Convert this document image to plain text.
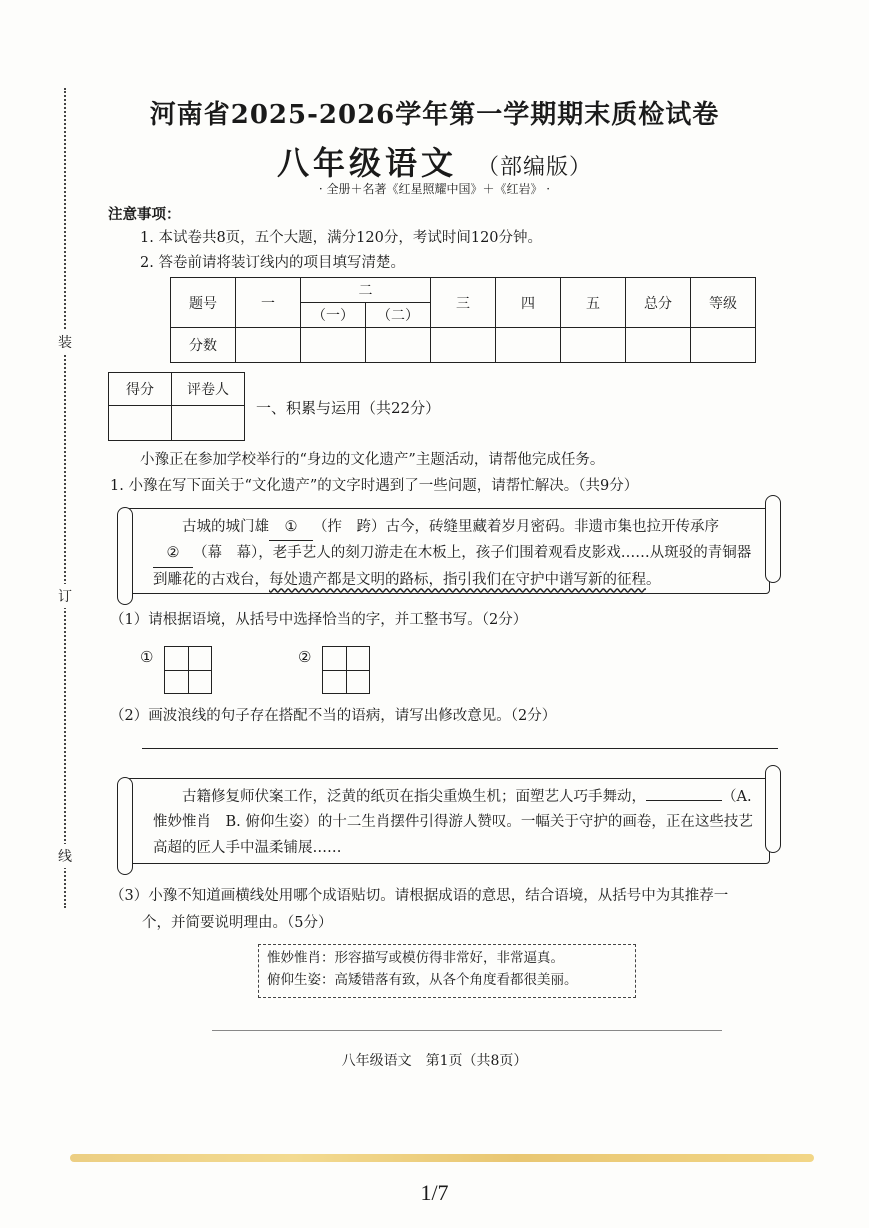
装
订
线
河南省2025-2026学年第一学期期末质检试卷
八年级语文 （部编版）
· 全册＋名著《红星照耀中国》＋《红岩》 ·
注意事项：
1. 本试卷共8页，五个大题，满分120分，考试时间120分钟。
2. 答卷前请将装订线内的项目填写清楚。
题号	一	二		三	四	五	总分	等级
		（一）	（二）					
分数								
得分	评卷人

一、积累与运用（共22分）
小豫正在参加学校举行的“身边的文化遗产”主题活动，请帮他完成任务。
1. 小豫在写下面关于“文化遗产”的文字时遇到了一些问题，请帮忙解决。（共9分）
古城的城门雄 ① （拃　跨）古今，砖缝里藏着岁月密码。非遗市集也拉开传承序② （幕　幕），老手艺人的刻刀游走在木板上，孩子们围着观看皮影戏……从斑驳的青铜器到雕花的古戏台，每处遗产都是文明的路标，指引我们在守护中谱写新的征程。
（1）请根据语境，从括号中选择恰当的字，并工整书写。（2分）
①	②
（2）画波浪线的句子存在搭配不当的语病，请写出修改意见。（2分）
古籍修复师伏案工作，泛黄的纸页在指尖重焕生机；面塑艺人巧手舞动，	（A. 惟妙惟肖　B. 俯仰生姿）的十二生肖摆件引得游人赞叹。一幅关于守护的画卷，正在这些技艺高超的匠人手中温柔铺展……
（3）小豫不知道画横线处用哪个成语贴切。请根据成语的意思，结合语境，从括号中为其推荐一
个，并简要说明理由。（5分）
惟妙惟肖：形容描写或模仿得非常好，非常逼真。
俯仰生姿：高矮错落有致，从各个角度看都很美丽。
八年级语文　第1页（共8页）
1/7
